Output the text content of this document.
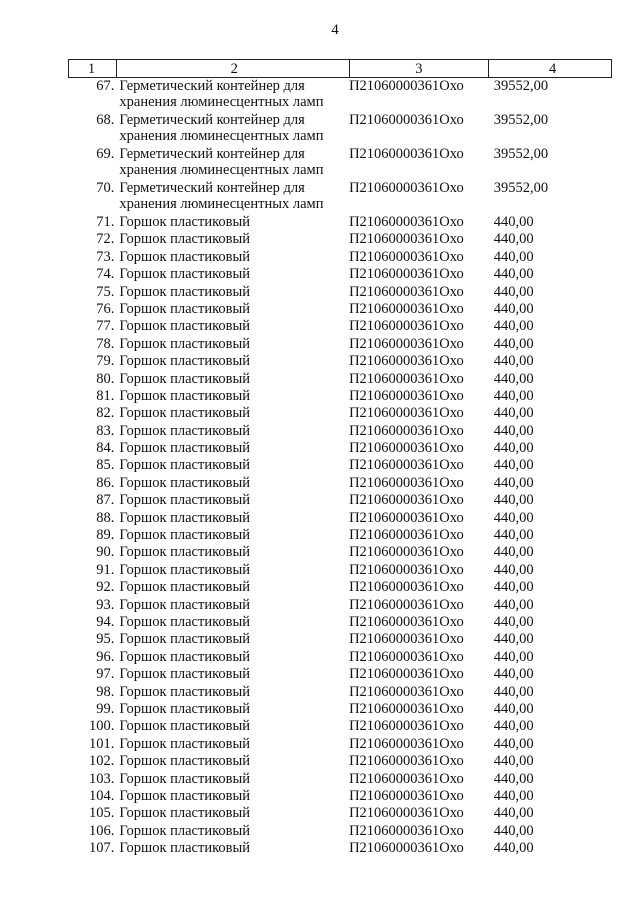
4
1	2	3	4
67.	Герметический контейнер для
хранения люминесцентных ламп	П21060000361Охо	39552,00
68.	Герметический контейнер для
хранения люминесцентных ламп	П21060000361Охо	39552,00
69.	Герметический контейнер для
хранения люминесцентных ламп	П21060000361Охо	39552,00
70.	Герметический контейнер для
хранения люминесцентных ламп	П21060000361Охо	39552,00
71.	Горшок пластиковый	П21060000361Охо	440,00
72.	Горшок пластиковый	П21060000361Охо	440,00
73.	Горшок пластиковый	П21060000361Охо	440,00
74.	Горшок пластиковый	П21060000361Охо	440,00
75.	Горшок пластиковый	П21060000361Охо	440,00
76.	Горшок пластиковый	П21060000361Охо	440,00
77.	Горшок пластиковый	П21060000361Охо	440,00
78.	Горшок пластиковый	П21060000361Охо	440,00
79.	Горшок пластиковый	П21060000361Охо	440,00
80.	Горшок пластиковый	П21060000361Охо	440,00
81.	Горшок пластиковый	П21060000361Охо	440,00
82.	Горшок пластиковый	П21060000361Охо	440,00
83.	Горшок пластиковый	П21060000361Охо	440,00
84.	Горшок пластиковый	П21060000361Охо	440,00
85.	Горшок пластиковый	П21060000361Охо	440,00
86.	Горшок пластиковый	П21060000361Охо	440,00
87.	Горшок пластиковый	П21060000361Охо	440,00
88.	Горшок пластиковый	П21060000361Охо	440,00
89.	Горшок пластиковый	П21060000361Охо	440,00
90.	Горшок пластиковый	П21060000361Охо	440,00
91.	Горшок пластиковый	П21060000361Охо	440,00
92.	Горшок пластиковый	П21060000361Охо	440,00
93.	Горшок пластиковый	П21060000361Охо	440,00
94.	Горшок пластиковый	П21060000361Охо	440,00
95.	Горшок пластиковый	П21060000361Охо	440,00
96.	Горшок пластиковый	П21060000361Охо	440,00
97.	Горшок пластиковый	П21060000361Охо	440,00
98.	Горшок пластиковый	П21060000361Охо	440,00
99.	Горшок пластиковый	П21060000361Охо	440,00
100.	Горшок пластиковый	П21060000361Охо	440,00
101.	Горшок пластиковый	П21060000361Охо	440,00
102.	Горшок пластиковый	П21060000361Охо	440,00
103.	Горшок пластиковый	П21060000361Охо	440,00
104.	Горшок пластиковый	П21060000361Охо	440,00
105.	Горшок пластиковый	П21060000361Охо	440,00
106.	Горшок пластиковый	П21060000361Охо	440,00
107.	Горшок пластиковый	П21060000361Охо	440,00
